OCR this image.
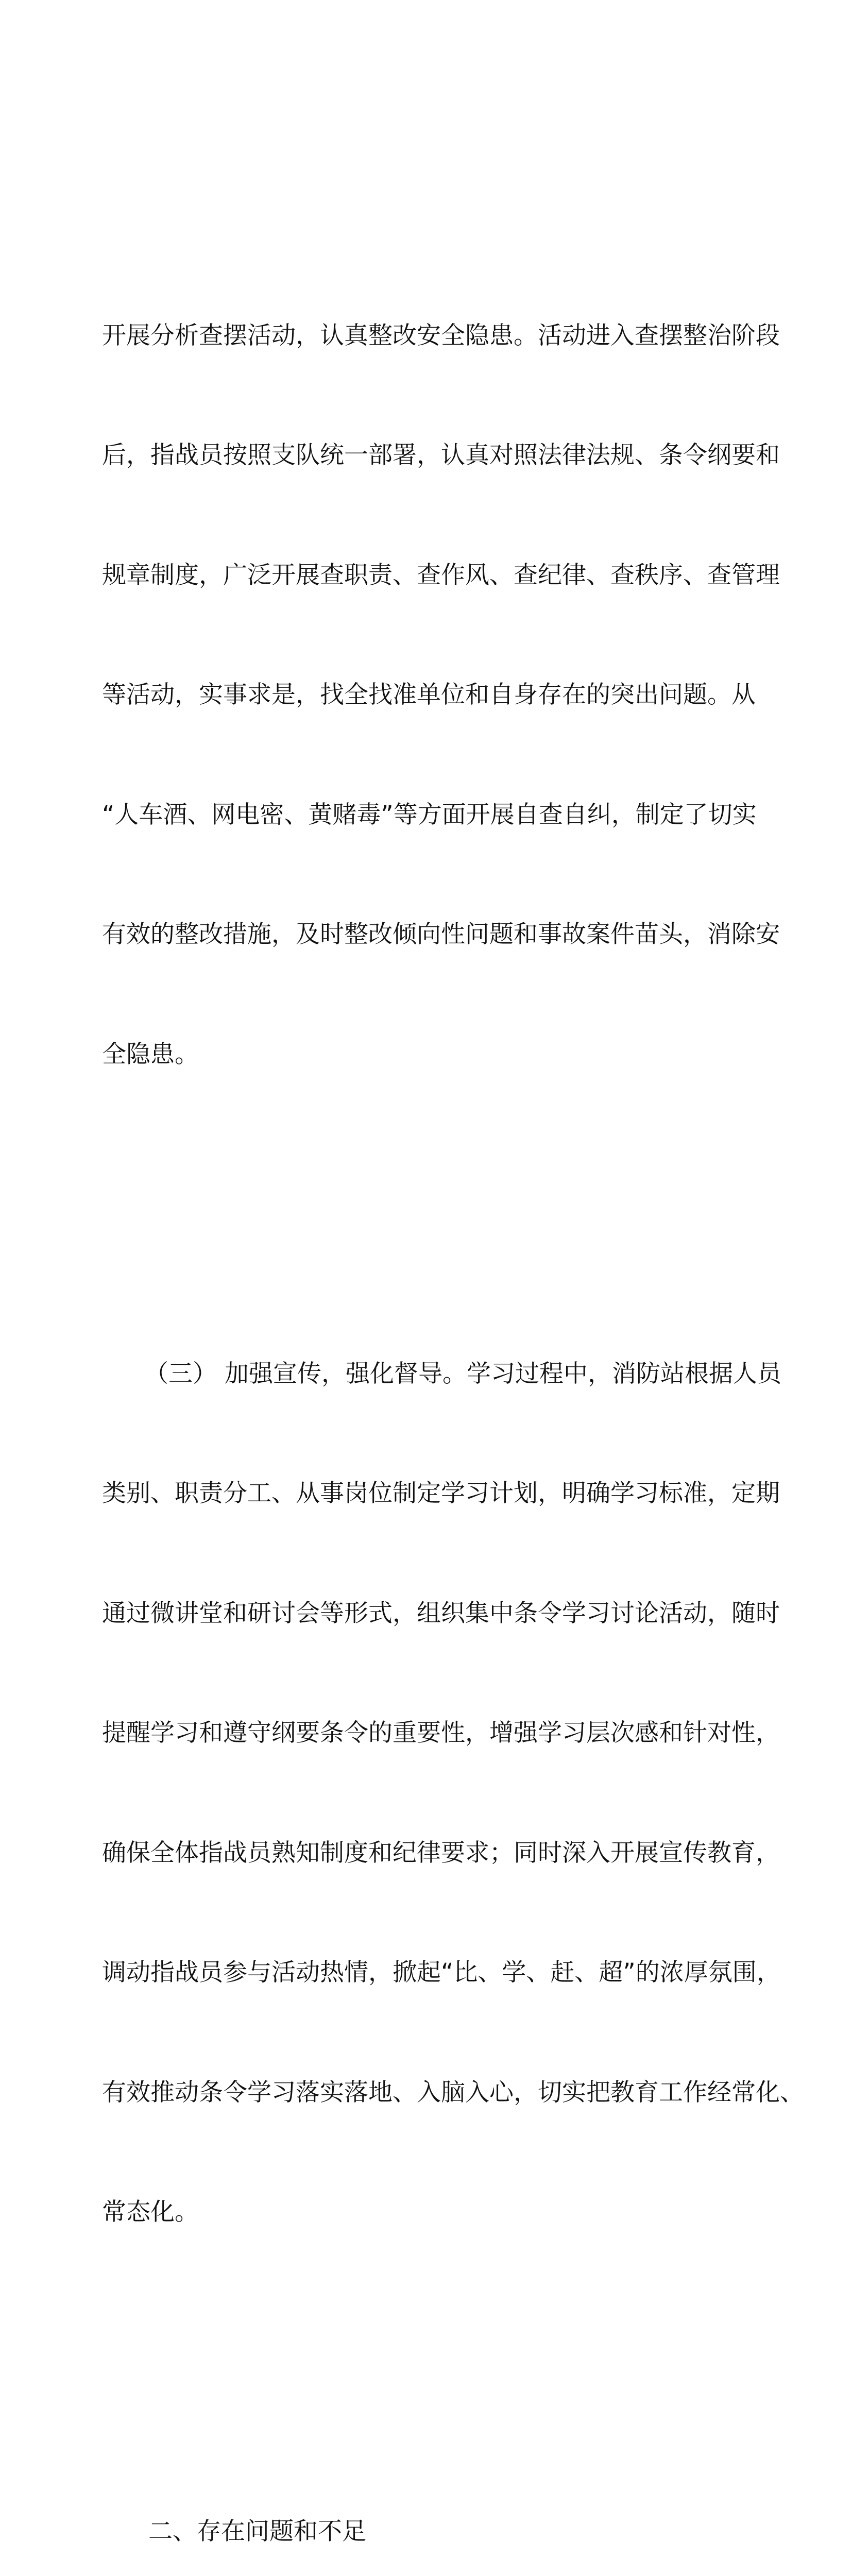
开展分析查摆活动，认真整改安全隐患。活动进入查摆整治阶段

后，指战员按照支队统一部署，认真对照法律法规、条令纲要和

规章制度，广泛开展查职责、查作风、查纪律、查秩序、查管理

等活动，实事求是，找全找准单位和自身存在的突出问题。从

“人车酒、网电密、黄赌毒”等方面开展自查自纠，制定了切实

有效的整改措施，及时整改倾向性问题和事故案件苗头，消除安

全隐患。

（三） 加强宣传，强化督导。学习过程中，消防站根据人员

类别、职责分工、从事岗位制定学习计划，明确学习标准，定期

通过微讲堂和研讨会等形式，组织集中条令学习讨论活动，随时

提醒学习和遵守纲要条令的重要性，增强学习层次感和针对性，

确保全体指战员熟知制度和纪律要求；同时深入开展宣传教育，

调动指战员参与活动热情，掀起“比、学、赶、超”的浓厚氛围，

有效推动条令学习落实落地、入脑入心，切实把教育工作经常化、

常态化。

二、存在问题和不足
